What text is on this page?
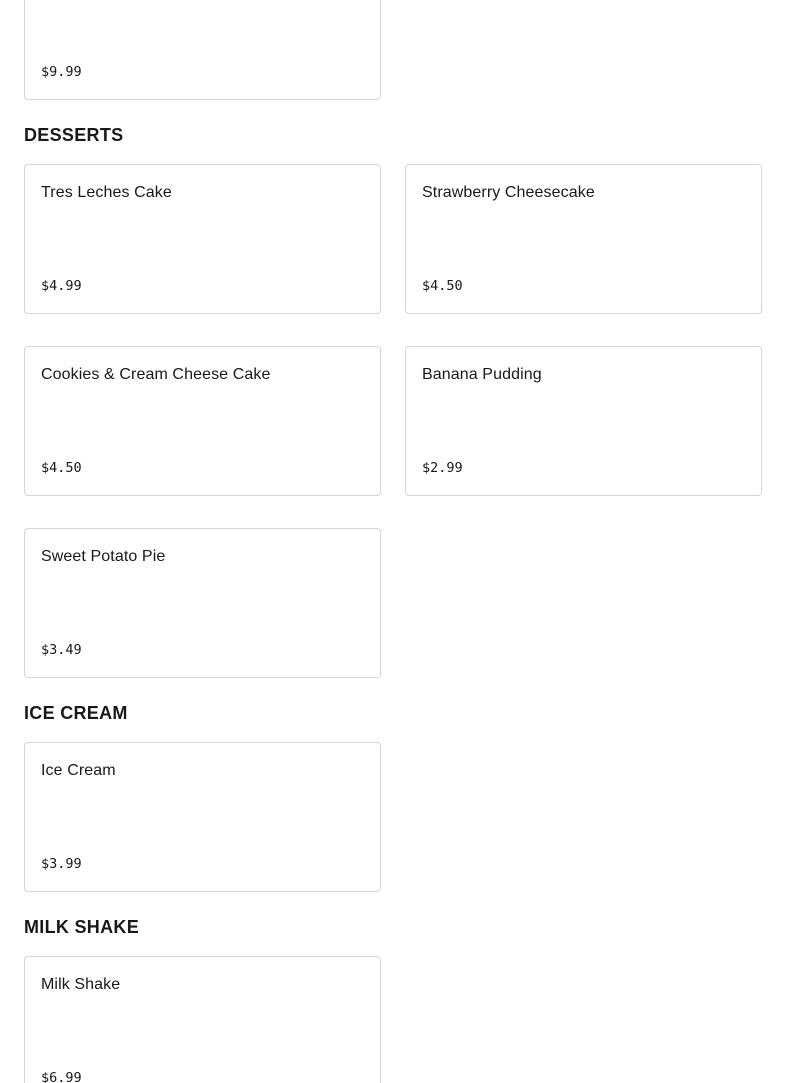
$9.99
DESSERTS
Tres Leches Cake
$4.99
Strawberry Cheesecake
$4.50
Cookies & Cream Cheese Cake
$4.50
Banana Pudding
$2.99
Sweet Potato Pie
$3.49
ICE CREAM
Ice Cream
$3.99
MILK SHAKE
Milk Shake
$6.99
